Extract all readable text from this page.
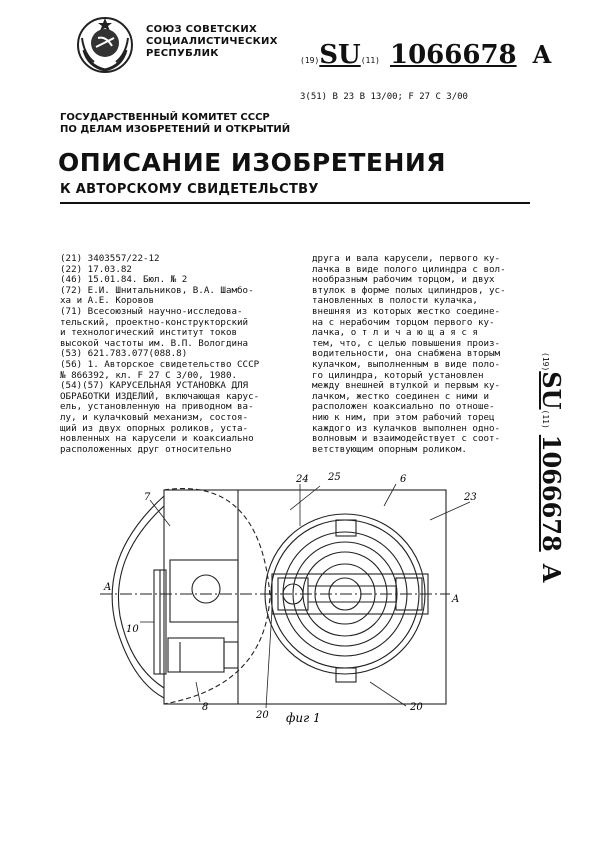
СОЮЗ СОВЕТСКИХ
СОЦИАЛИСТИЧЕСКИХ
РЕСПУБЛИК
(19)SU(11) 1066678 A
3(51) В 23 В 13/00; F 27 С 3/00
ГОСУДАРСТВЕННЫЙ КОМИТЕТ СССР
ПО ДЕЛАМ ИЗОБРЕТЕНИЙ И ОТКРЫТИЙ
ОПИСАНИЕ ИЗОБРЕТЕНИЯ
К АВТОРСКОМУ СВИДЕТЕЛЬСТВУ
(21) 3403557/22-12
(22) 17.03.82
(46) 15.01.84. Бюл. № 2
(72) Е.И. Шнитальников, В.А. Шамбо-
ха и А.Е. Коровов
(71) Всесоюзный научно-исследова-
тельский, проектно-конструкторский
и технологический институт токов
высокой частоты им. В.П. Вологдина
(53) 621.783.077(088.8)
(56) 1. Авторское свидетельство СССР
№ 866392, кл. F 27 С 3/00, 1980.
(54)(57) КАРУСЕЛЬНАЯ УСТАНОВКА ДЛЯ
ОБРАБОТКИ ИЗДЕЛИЙ, включающая карус-
ель, установленную на приводном ва-
лу, и кулачковый механизм, состоя-
щий из двух опорных роликов, уста-
новленных на карусели и коаксиально
расположенных друг относительно
друга и вала карусели, первого ку-
лачка в виде полого цилиндра с вол-
нообразным рабочим торцом, и двух
втулок в форме полых цилиндров, ус-
тановленных в полости кулачка,
внешняя из которых жестко соедине-
на с нерабочим торцом первого ку-
лачка, о т л и ч а ю щ а я с я
тем, что, с целью повышения произ-
водительности, она снабжена вторым
кулачком, выполненным в виде поло-
го цилиндра, который установлен
между внешней втулкой и первым ку-
лачком, жестко соединен с ними и
расположен коаксиально по отноше-
нию к ним, при этом рабочий торец
каждого из кулачков выполнен одно-
волновым и взаимодействует с соот-
ветствующим опорным роликом.
(19)SU(11)1066678A
7
25
24	6
23
A
A
10
8
20
20
фиг 1
